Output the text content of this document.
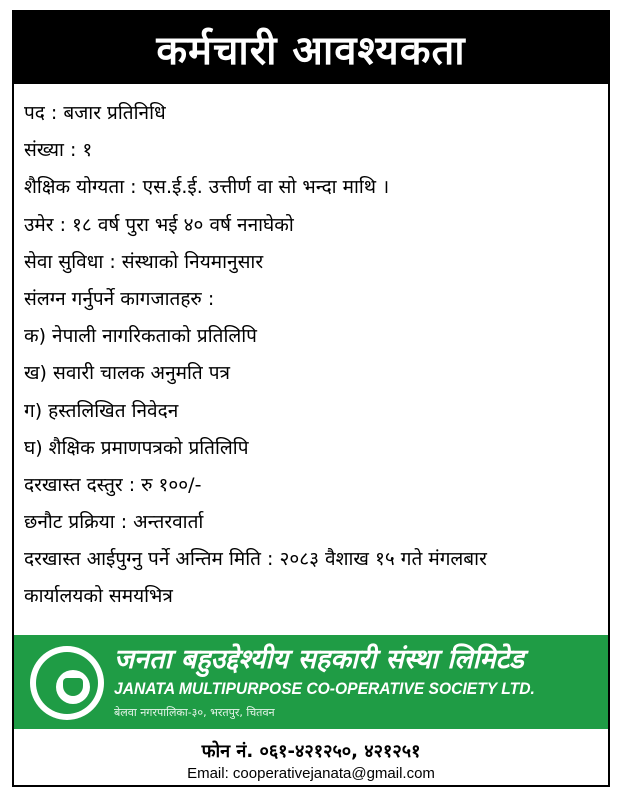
कर्मचारी आवश्यकता
पद : बजार प्रतिनिधि
संख्या : १
शैक्षिक योग्यता : एस.ई.ई. उत्तीर्ण वा सो भन्दा माथि ।
उमेर : १८ वर्ष पुरा भई ४० वर्ष ननाघेको
सेवा सुविधा : संस्थाको नियमानुसार
संलग्न गर्नुपर्ने कागजातहरु :
क) नेपाली नागरिकताको प्रतिलिपि
ख) सवारी चालक अनुमति पत्र
ग) हस्तलिखित निवेदन
घ) शैक्षिक प्रमाणपत्रको प्रतिलिपि
दरखास्त दस्तुर : रु १००/-
छनौट प्रक्रिया : अन्तरवार्ता
दरखास्त आईपुग्नु पर्ने अन्तिम मिति : २०८३ वैशाख १५ गते मंगलबार
कार्यालयको समयभित्र
जनता बहुउद्देश्यीय सहकारी संस्था लिमिटेड
JANATA MULTIPURPOSE CO-OPERATIVE SOCIETY LTD.
बेलवा नगरपालिका-३०, भरतपुर, चितवन
फोन नं. ०६१-४२१२५०, ४२१२५१
Email: cooperativejanata@gmail.com
